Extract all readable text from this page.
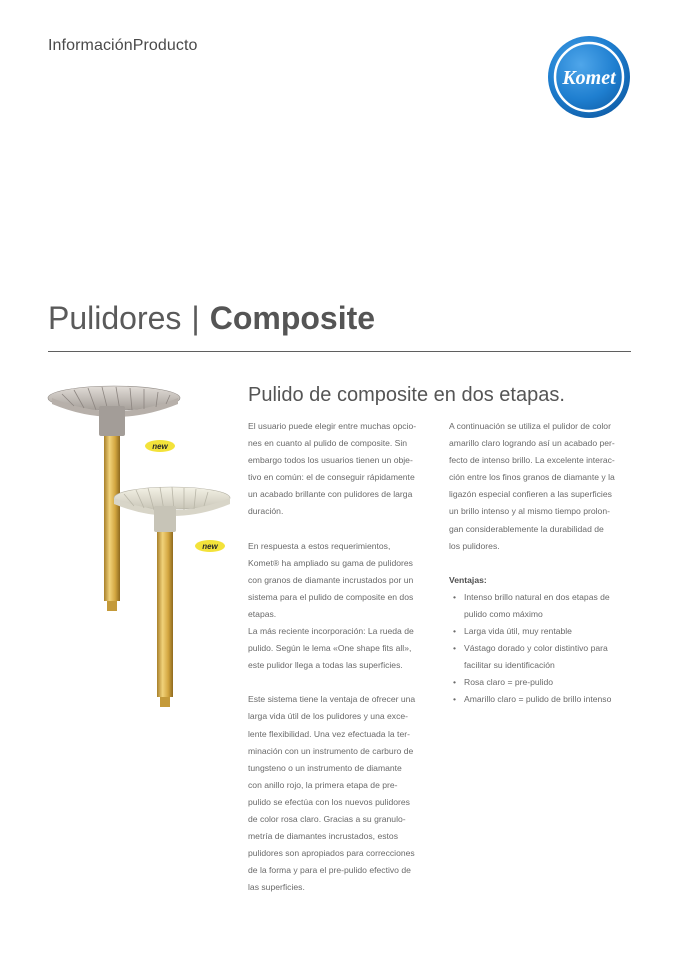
InformaciónProducto
Komet
Pulidores | Composite
new
new
Pulido de composite en dos etapas.

El usuario puede elegir entre muchas opcio-

nes en cuanto al pulido de composite. Sin

embargo todos los usuarios tienen un obje-

tivo en común: el de conseguir rápidamente

un acabado brillante con pulidores de larga

duración.

En respuesta a estos requerimientos,

Komet® ha ampliado su gama de pulidores

con granos de diamante incrustados por un

sistema para el pulido de composite en dos

etapas.

La más reciente incorporación: La rueda de

pulido. Según le lema «One shape fits all»,

este pulidor llega a todas las superficies.

Este sistema tiene la ventaja de ofrecer una

larga vida útil de los pulidores y una exce-

lente flexibilidad. Una vez efectuada la ter-

minación con un instrumento de carburo de

tungsteno o un instrumento de diamante

con anillo rojo, la primera etapa de pre-

pulido se efectúa con los nuevos pulidores

de color rosa claro. Gracias a su granulo-

metría de diamantes incrustados, estos

pulidores son apropiados para correcciones

de la forma y para el pre-pulido efectivo de

las superficies.

A continuación se utiliza el pulidor de color

amarillo claro logrando así un acabado per-

fecto de intenso brillo. La excelente interac-

ción entre los finos granos de diamante y la

ligazón especial confieren a las superficies

un brillo intenso y al mismo tiempo prolon-

gan considerablemente la durabilidad de

los pulidores.

Ventajas:

• Intenso brillo natural en dos etapas de
pulido como máximo
• Larga vida útil, muy rentable
• Vástago dorado y color distintivo para
facilitar su identificación
• Rosa claro = pre-pulido
• Amarillo claro = pulido de brillo intenso
